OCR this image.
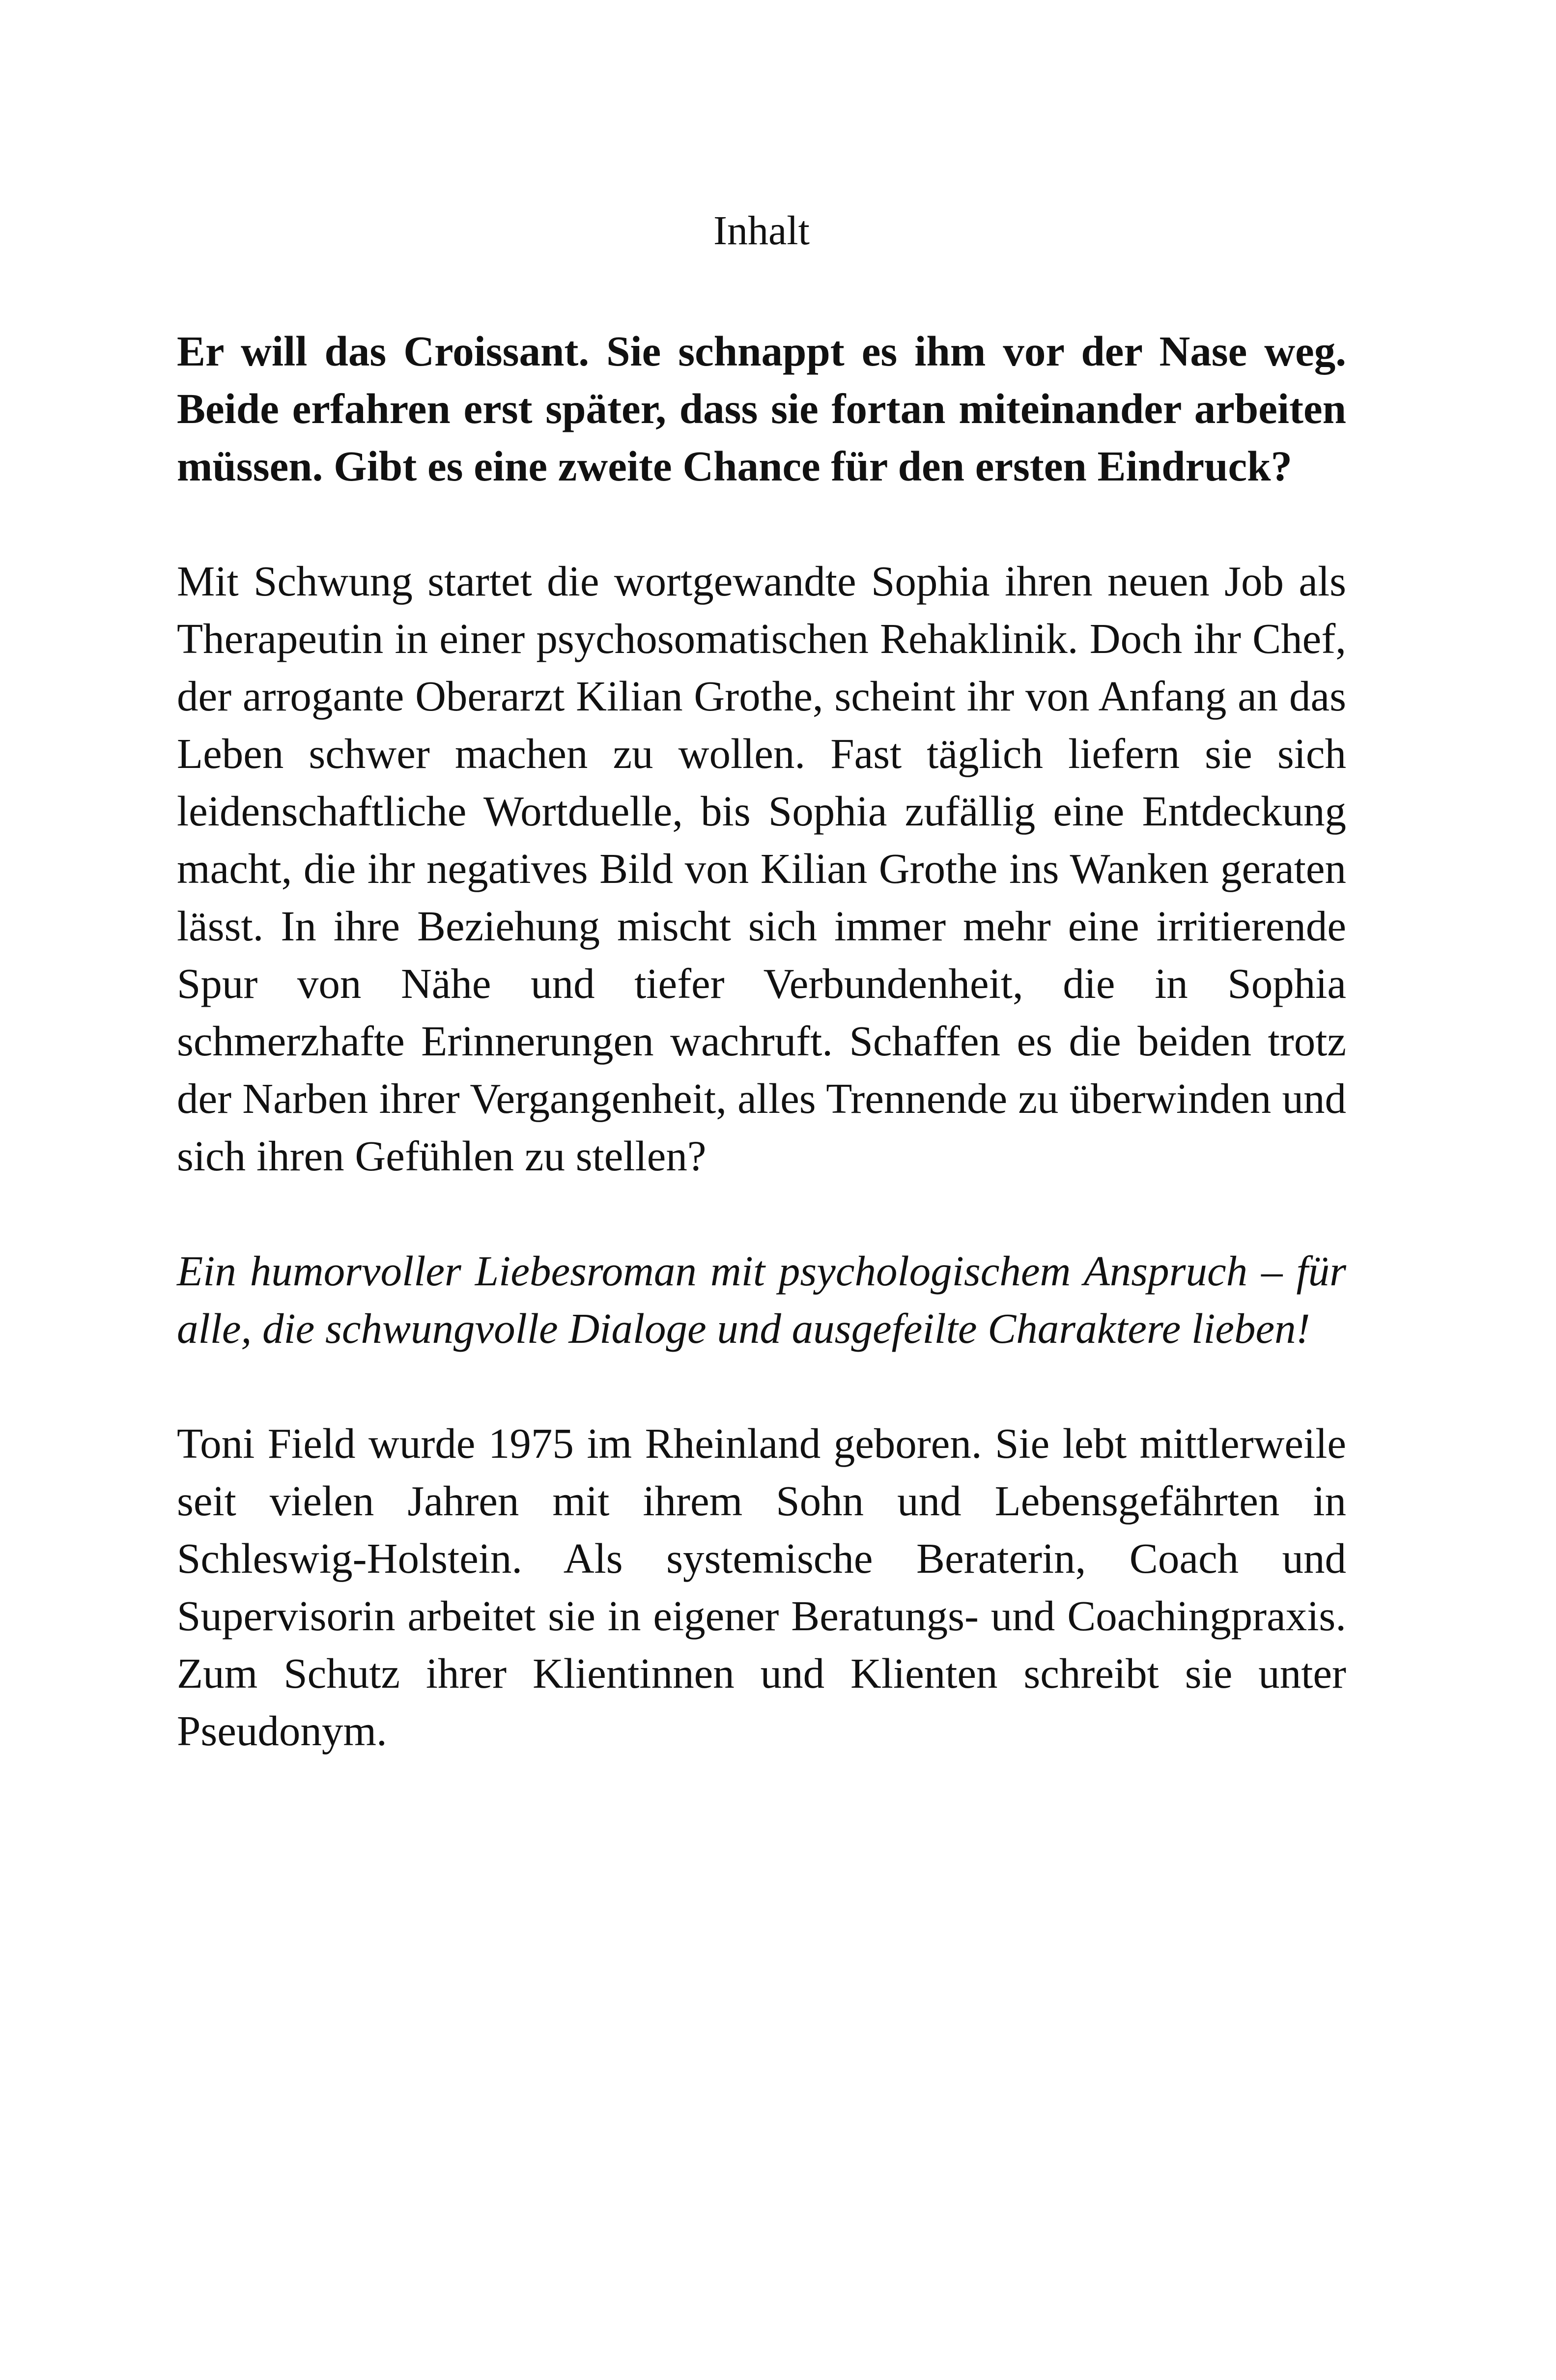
Inhalt

Er will das Croissant. Sie schnappt es ihm vor der Nase weg. Beide erfahren erst später, dass sie fortan miteinander arbeiten müssen. Gibt es eine zweite Chance für den ersten Eindruck?

Mit Schwung startet die wortgewandte Sophia ihren neuen Job als Therapeutin in einer psychosomatischen Rehaklinik. Doch ihr Chef, der arrogante Oberarzt Kilian Grothe, scheint ihr von Anfang an das Leben schwer machen zu wollen. Fast täglich liefern sie sich leidenschaftliche Wortduelle, bis Sophia zufällig eine Entdeckung macht, die ihr negatives Bild von Kilian Grothe ins Wanken geraten lässt. In ihre Beziehung mischt sich immer mehr eine irritierende Spur von Nähe und tiefer Verbundenheit, die in Sophia schmerzhafte Erinnerungen wachruft. Schaffen es die beiden trotz der Narben ihrer Vergangenheit, alles Trennende zu überwinden und sich ihren Gefühlen zu stellen?

Ein humorvoller Liebesroman mit psychologischem Anspruch – für alle, die schwungvolle Dialoge und ausgefeilte Charaktere lieben!

Toni Field wurde 1975 im Rheinland geboren. Sie lebt mittlerweile seit vielen Jahren mit ihrem Sohn und Lebensgefährten in Schleswig-Holstein. Als systemische Beraterin, Coach und Supervisorin arbeitet sie in eigener Beratungs- und Coachingpraxis. Zum Schutz ihrer Klientinnen und Klienten schreibt sie unter Pseudonym.
